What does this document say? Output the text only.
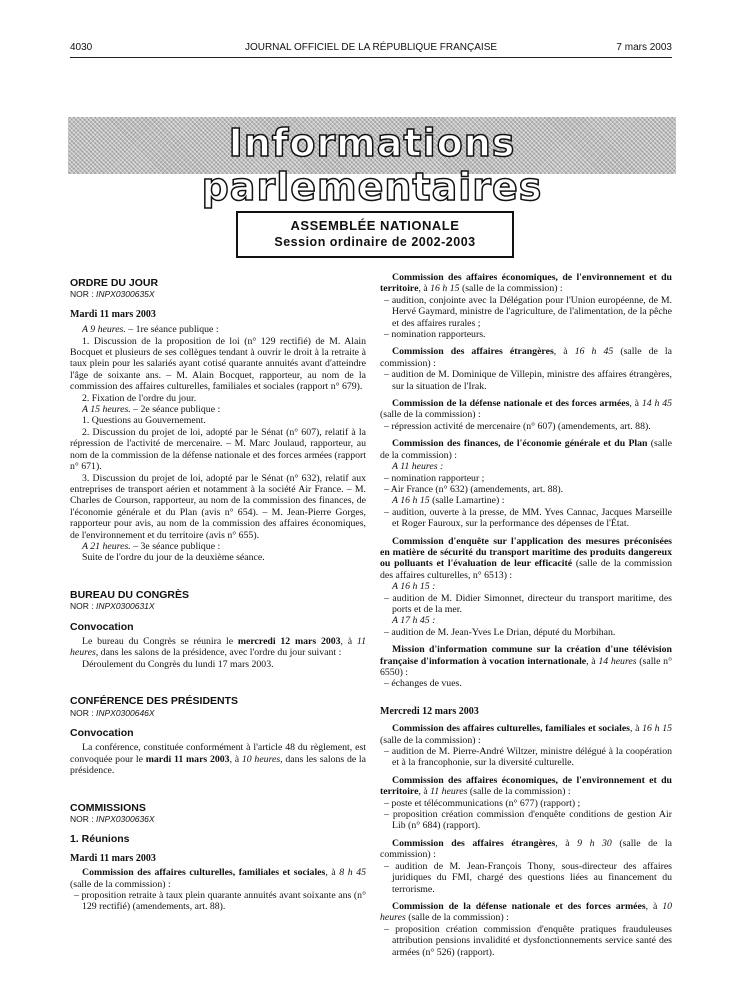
4030	JOURNAL OFFICIEL DE LA RÉPUBLIQUE FRANÇAISE	7 mars 2003
Informations parlementaires
ASSEMBLÉE NATIONALE
Session ordinaire de 2002-2003

ORDRE DU JOUR

NOR : INPX0300635X

Mardi 11 mars 2003

A 9 heures. – 1re séance publique :

1. Discussion de la proposition de loi (n° 129 rectifié) de M. Alain Bocquet et plusieurs de ses collègues tendant à ouvrir le droit à la retraite à taux plein pour les salariés ayant cotisé quarante annuités avant d'atteindre l'âge de soixante ans. – M. Alain Bocquet, rapporteur, au nom de la commission des affaires culturelles, familiales et sociales (rapport n° 679).

2. Fixation de l'ordre du jour.

A 15 heures. – 2e séance publique :

1. Questions au Gouvernement.

2. Discussion du projet de loi, adopté par le Sénat (n° 607), relatif à la répression de l'activité de mercenaire. – M. Marc Joulaud, rapporteur, au nom de la commission de la défense nationale et des forces armées (rapport n° 671).

3. Discussion du projet de loi, adopté par le Sénat (n° 632), relatif aux entreprises de transport aérien et notamment à la société Air France. – M. Charles de Courson, rapporteur, au nom de la commission des finances, de l'économie générale et du Plan (avis n° 654). – M. Jean-Pierre Gorges, rapporteur pour avis, au nom de la commission des affaires économiques, de l'environnement et du territoire (avis n° 655).

A 21 heures. – 3e séance publique :

Suite de l'ordre du jour de la deuxième séance.

BUREAU DU CONGRÈS

NOR : INPX0300631X

Convocation

Le bureau du Congrès se réunira le mercredi 12 mars 2003, à 11 heures, dans les salons de la présidence, avec l'ordre du jour suivant :

Déroulement du Congrès du lundi 17 mars 2003.

CONFÉRENCE DES PRÉSIDENTS

NOR : INPX0300646X

Convocation

La conférence, constituée conformément à l'article 48 du règlement, est convoquée pour le mardi 11 mars 2003, à 10 heures, dans les salons de la présidence.

COMMISSIONS

NOR : INPX0300636X

1. Réunions

Mardi 11 mars 2003

Commission des affaires culturelles, familiales et sociales, à 8 h 45 (salle de la commission) :

– proposition retraite à taux plein quarante annuités avant soixante ans (n° 129 rectifié) (amendements, art. 88).

Commission des affaires économiques, de l'environnement et du territoire, à 16 h 15 (salle de la commission) :

– audition, conjointe avec la Délégation pour l'Union européenne, de M. Hervé Gaymard, ministre de l'agriculture, de l'alimentation, de la pêche et des affaires rurales ;

– nomination rapporteurs.

Commission des affaires étrangères, à 16 h 45 (salle de la commission) :

– audition de M. Dominique de Villepin, ministre des affaires étrangères, sur la situation de l'Irak.

Commission de la défense nationale et des forces armées, à 14 h 45 (salle de la commission) :

– répression activité de mercenaire (n° 607) (amendements, art. 88).

Commission des finances, de l'économie générale et du Plan (salle de la commission) :

A 11 heures :

– nomination rapporteur ;

– Air France (n° 632) (amendements, art. 88).

A 16 h 15 (salle Lamartine) :

– audition, ouverte à la presse, de MM. Yves Cannac, Jacques Marseille et Roger Fauroux, sur la performance des dépenses de l'État.

Commission d'enquête sur l'application des mesures préconisées en matière de sécurité du transport maritime des produits dangereux ou polluants et l'évaluation de leur efficacité (salle de la commission des affaires culturelles, n° 6513) :

A 16 h 15 :

– audition de M. Didier Simonnet, directeur du transport maritime, des ports et de la mer.

A 17 h 45 :

– audition de M. Jean-Yves Le Drian, député du Morbihan.

Mission d'information commune sur la création d'une télévision française d'information à vocation internationale, à 14 heures (salle n° 6550) :

– échanges de vues.

Mercredi 12 mars 2003

Commission des affaires culturelles, familiales et sociales, à 16 h 15 (salle de la commission) :

– audition de M. Pierre-André Wiltzer, ministre délégué à la coopération et à la francophonie, sur la diversité culturelle.

Commission des affaires économiques, de l'environnement et du territoire, à 11 heures (salle de la commission) :

– poste et télécommunications (n° 677) (rapport) ;

– proposition création commission d'enquête conditions de gestion Air Lib (n° 684) (rapport).

Commission des affaires étrangères, à 9 h 30 (salle de la commission) :

– audition de M. Jean-François Thony, sous-directeur des affaires juridiques du FMI, chargé des questions liées au financement du terrorisme.

Commission de la défense nationale et des forces armées, à 10 heures (salle de la commission) :

– proposition création commission d'enquête pratiques frauduleuses attribution pensions invalidité et dysfonctionnements service santé des armées (n° 526) (rapport).
